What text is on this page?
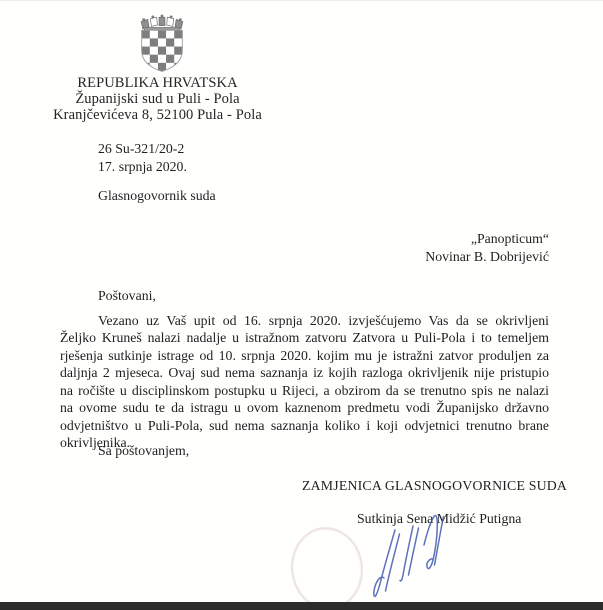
REPUBLIKA HRVATSKA
Županijski sud u Puli - Pola
Kranjčevićeva 8, 52100 Pula - Pola
26 Su-321/20-2
17. srpnja 2020.
Glasnogovornik suda
„Panopticum“
Novinar B. Dobrijević
Poštovani,
Vezano uz Vaš upit od 16. srpnja 2020. izvješćujemo Vas da se okrivljeni Željko Kruneš nalazi nadalje u istražnom zatvoru Zatvora u Puli-Pola i to temeljem rješenja sutkinje istrage od 10. srpnja 2020. kojim mu je istražni zatvor produljen za daljnja 2 mjeseca. Ovaj sud nema saznanja iz kojih razloga okrivljenik nije pristupio na ročište u disciplinskom postupku u Rijeci, a obzirom da se trenutno spis ne nalazi na ovome sudu te da istragu u ovom kaznenom predmetu vodi Županijsko državno odvjetništvo u Puli-Pola, sud nema saznanja koliko i koji odvjetnici trenutno brane okrivljenika.
Sa poštovanjem,
ZAMJENICA GLASNOGOVORNICE SUDA
Sutkinja Sena Midžić Putigna
